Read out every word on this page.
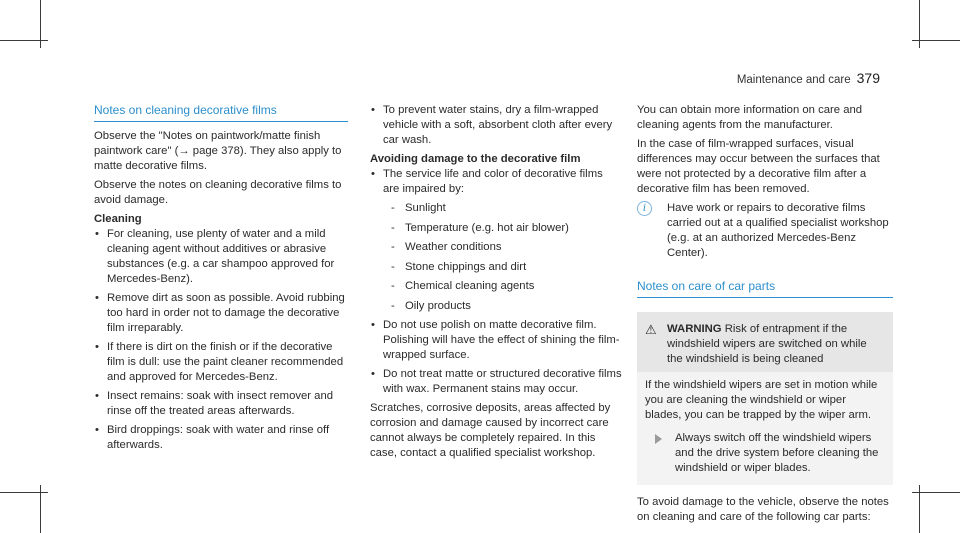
Maintenance and care 379
Notes on cleaning decorative films

Observe the "Notes on paintwork/matte finish paintwork care" (→ page 378). They also apply to matte decorative films.

Observe the notes on cleaning decorative films to avoid damage.

Cleaning
• For cleaning, use plenty of water and a mild cleaning agent without additives or abrasive substances (e.g. a car shampoo approved for Mercedes-Benz).
• Remove dirt as soon as possible. Avoid rubbing too hard in order not to damage the decorative film irreparably.
• If there is dirt on the finish or if the decorative film is dull: use the paint cleaner recommended and approved for Mercedes-Benz.
• Insect remains: soak with insect remover and rinse off the treated areas afterwards.
• Bird droppings: soak with water and rinse off afterwards.
• To prevent water stains, dry a film-wrapped vehicle with a soft, absorbent cloth after every car wash.
Avoiding damage to the decorative film
• The service life and color of decorative films are impaired by:
- Sunlight
- Temperature (e.g. hot air blower)
- Weather conditions
- Stone chippings and dirt
- Chemical cleaning agents
- Oily products
• Do not use polish on matte decorative film. Polishing will have the effect of shining the film-wrapped surface.
• Do not treat matte or structured decorative films with wax. Permanent stains may occur.

Scratches, corrosive deposits, areas affected by corrosion and damage caused by incorrect care cannot always be completely repaired. In this case, contact a qualified specialist workshop.

You can obtain more information on care and cleaning agents from the manufacturer.

In the case of film-wrapped surfaces, visual differences may occur between the surfaces that were not protected by a decorative film after a decorative film has been removed.

i	Have work or repairs to decorative films carried out at a qualified specialist workshop (e.g. at an authorized Mercedes-Benz Center).
Notes on care of car parts
⚠ WARNING Risk of entrapment if the windshield wipers are switched on while the windshield is being cleaned
If the windshield wipers are set in motion while you are cleaning the windshield or wiper blades, you can be trapped by the wiper arm.
Always switch off the windshield wipers and the drive system before cleaning the windshield or wiper blades.

To avoid damage to the vehicle, observe the notes on cleaning and care of the following car parts:
